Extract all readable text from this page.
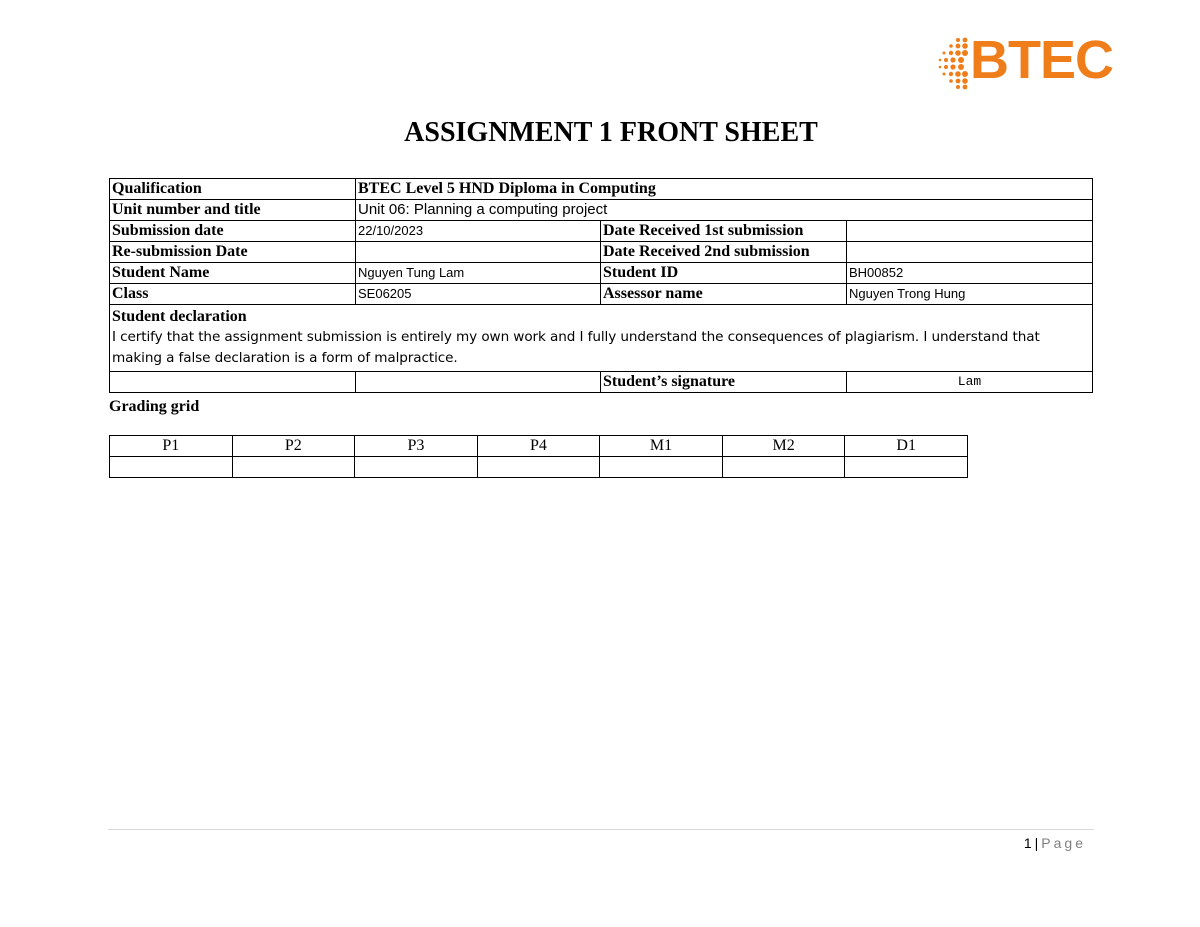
BTEC
ASSIGNMENT 1 FRONT SHEET
Qualification	BTEC Level 5 HND Diploma in Computing		
Unit number and title	Unit 06: Planning a computing project		
Submission date	22/10/2023	Date Received 1st submission	
Re-submission Date		Date Received 2nd submission	
Student Name	Nguyen Tung Lam	Student ID	BH00852
Class	SE06205	Assessor name	Nguyen Trong Hung

Student declaration
I certify that the assignment submission is entirely my own work and I fully understand the consequences of plagiarism. I understand that making a false declaration is a form of malpractice.			

		Student’s signature	Lam
Grading grid
P1	P2	P3	P4	M1	M2	D1

1 | Page
